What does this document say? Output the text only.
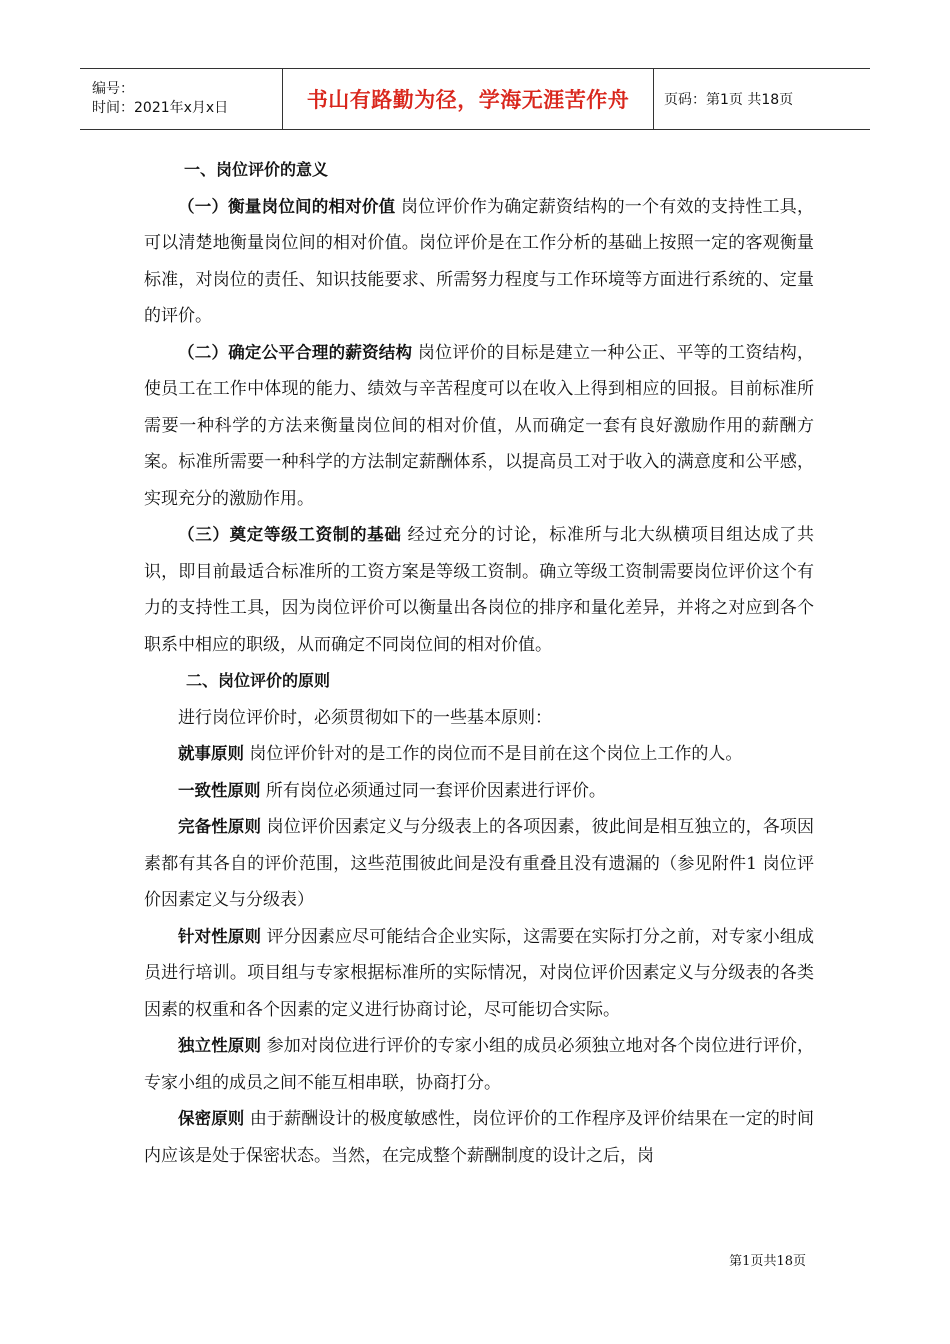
编号：
时间：2021年x月x日	书山有路勤为径，学海无涯苦作舟 页码：第1页 共18页

一、岗位评价的意义

（一）衡量岗位间的相对价值 岗位评价作为确定薪资结构的一个有效的支持性工具，可以清楚地衡量岗位间的相对价值。岗位评价是在工作分析的基础上按照一定的客观衡量标准，对岗位的责任、知识技能要求、所需努力程度与工作环境等方面进行系统的、定量的评价。

（二）确定公平合理的薪资结构 岗位评价的目标是建立一种公正、平等的工资结构，使员工在工作中体现的能力、绩效与辛苦程度可以在收入上得到相应的回报。目前标准所需要一种科学的方法来衡量岗位间的相对价值，从而确定一套有良好激励作用的薪酬方案。标准所需要一种科学的方法制定薪酬体系，以提高员工对于收入的满意度和公平感，实现充分的激励作用。

（三）奠定等级工资制的基础 经过充分的讨论，标准所与北大纵横项目组达成了共识，即目前最适合标准所的工资方案是等级工资制。确立等级工资制需要岗位评价这个有力的支持性工具，因为岗位评价可以衡量出各岗位的排序和量化差异，并将之对应到各个职系中相应的职级，从而确定不同岗位间的相对价值。

二、岗位评价的原则

进行岗位评价时，必须贯彻如下的一些基本原则：

就事原则 岗位评价针对的是工作的岗位而不是目前在这个岗位上工作的人。

一致性原则 所有岗位必须通过同一套评价因素进行评价。

完备性原则 岗位评价因素定义与分级表上的各项因素，彼此间是相互独立的，各项因素都有其各自的评价范围，这些范围彼此间是没有重叠且没有遗漏的（参见附件1 岗位评价因素定义与分级表）

针对性原则 评分因素应尽可能结合企业实际，这需要在实际打分之前，对专家小组成员进行培训。项目组与专家根据标准所的实际情况，对岗位评价因素定义与分级表的各类因素的权重和各个因素的定义进行协商讨论，尽可能切合实际。

独立性原则 参加对岗位进行评价的专家小组的成员必须独立地对各个岗位进行评价，专家小组的成员之间不能互相串联，协商打分。

保密原则 由于薪酬设计的极度敏感性，岗位评价的工作程序及评价结果在一定的时间内应该是处于保密状态。当然，在完成整个薪酬制度的设计之后，岗

第1页共18页
